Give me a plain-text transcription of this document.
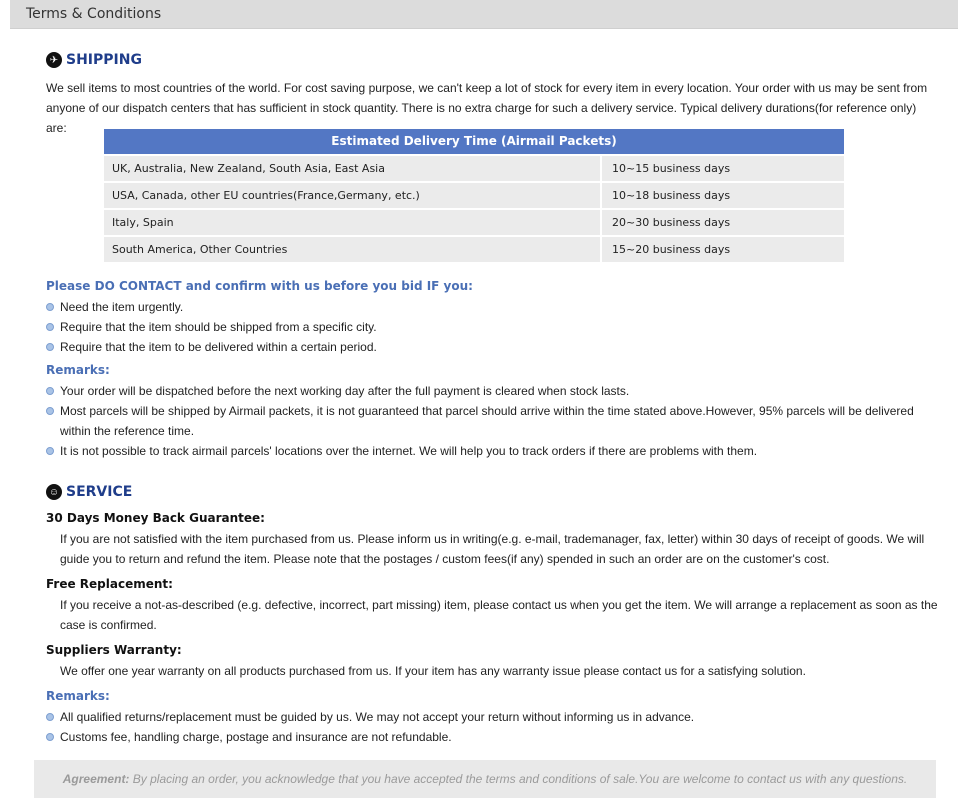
Terms & Conditions
✈ SHIPPING
We sell items to most countries of the world. For cost saving purpose, we can't keep a lot of stock for every item in every location. Your order with us may be sent from anyone of our dispatch centers that has sufficient in stock quantity. There is no extra charge for such a delivery service. Typical delivery durations(for reference only) are:
Estimated Delivery Time (Airmail Packets)
UK, Australia, New Zealand, South Asia, East Asia	10~15 business days
USA, Canada, other EU countries(France,Germany, etc.)	10~18 business days
Italy, Spain	20~30 business days
South America, Other Countries	15~20 business days
Please DO CONTACT and confirm with us before you bid IF you:
Need the item urgently.
Require that the item should be shipped from a specific city.
Require that the item to be delivered within a certain period.
Remarks:
Your order will be dispatched before the next working day after the full payment is cleared when stock lasts.
Most parcels will be shipped by Airmail packets, it is not guaranteed that parcel should arrive within the time stated above.However, 95% parcels will be delivered within the reference time.
It is not possible to track airmail parcels' locations over the internet. We will help you to track orders if there are problems with them.
☺ SERVICE
30 Days Money Back Guarantee:
If you are not satisfied with the item purchased from us. Please inform us in writing(e.g. e-mail, trademanager, fax, letter) within 30 days of receipt of goods. We will guide you to return and refund the item. Please note that the postages / custom fees(if any) spended in such an order are on the customer's cost.
Free Replacement:
If you receive a not-as-described (e.g. defective, incorrect, part missing) item, please contact us when you get the item. We will arrange a replacement as soon as the case is confirmed.
Suppliers Warranty:
We offer one year warranty on all products purchased from us. If your item has any warranty issue please contact us for a satisfying solution.
Remarks:
All qualified returns/replacement must be guided by us. We may not accept your return without informing us in advance.
Customs fee, handling charge, postage and insurance are not refundable.
Agreement: By placing an order, you acknowledge that you have accepted the terms and conditions of sale.You are welcome to contact us with any questions.
